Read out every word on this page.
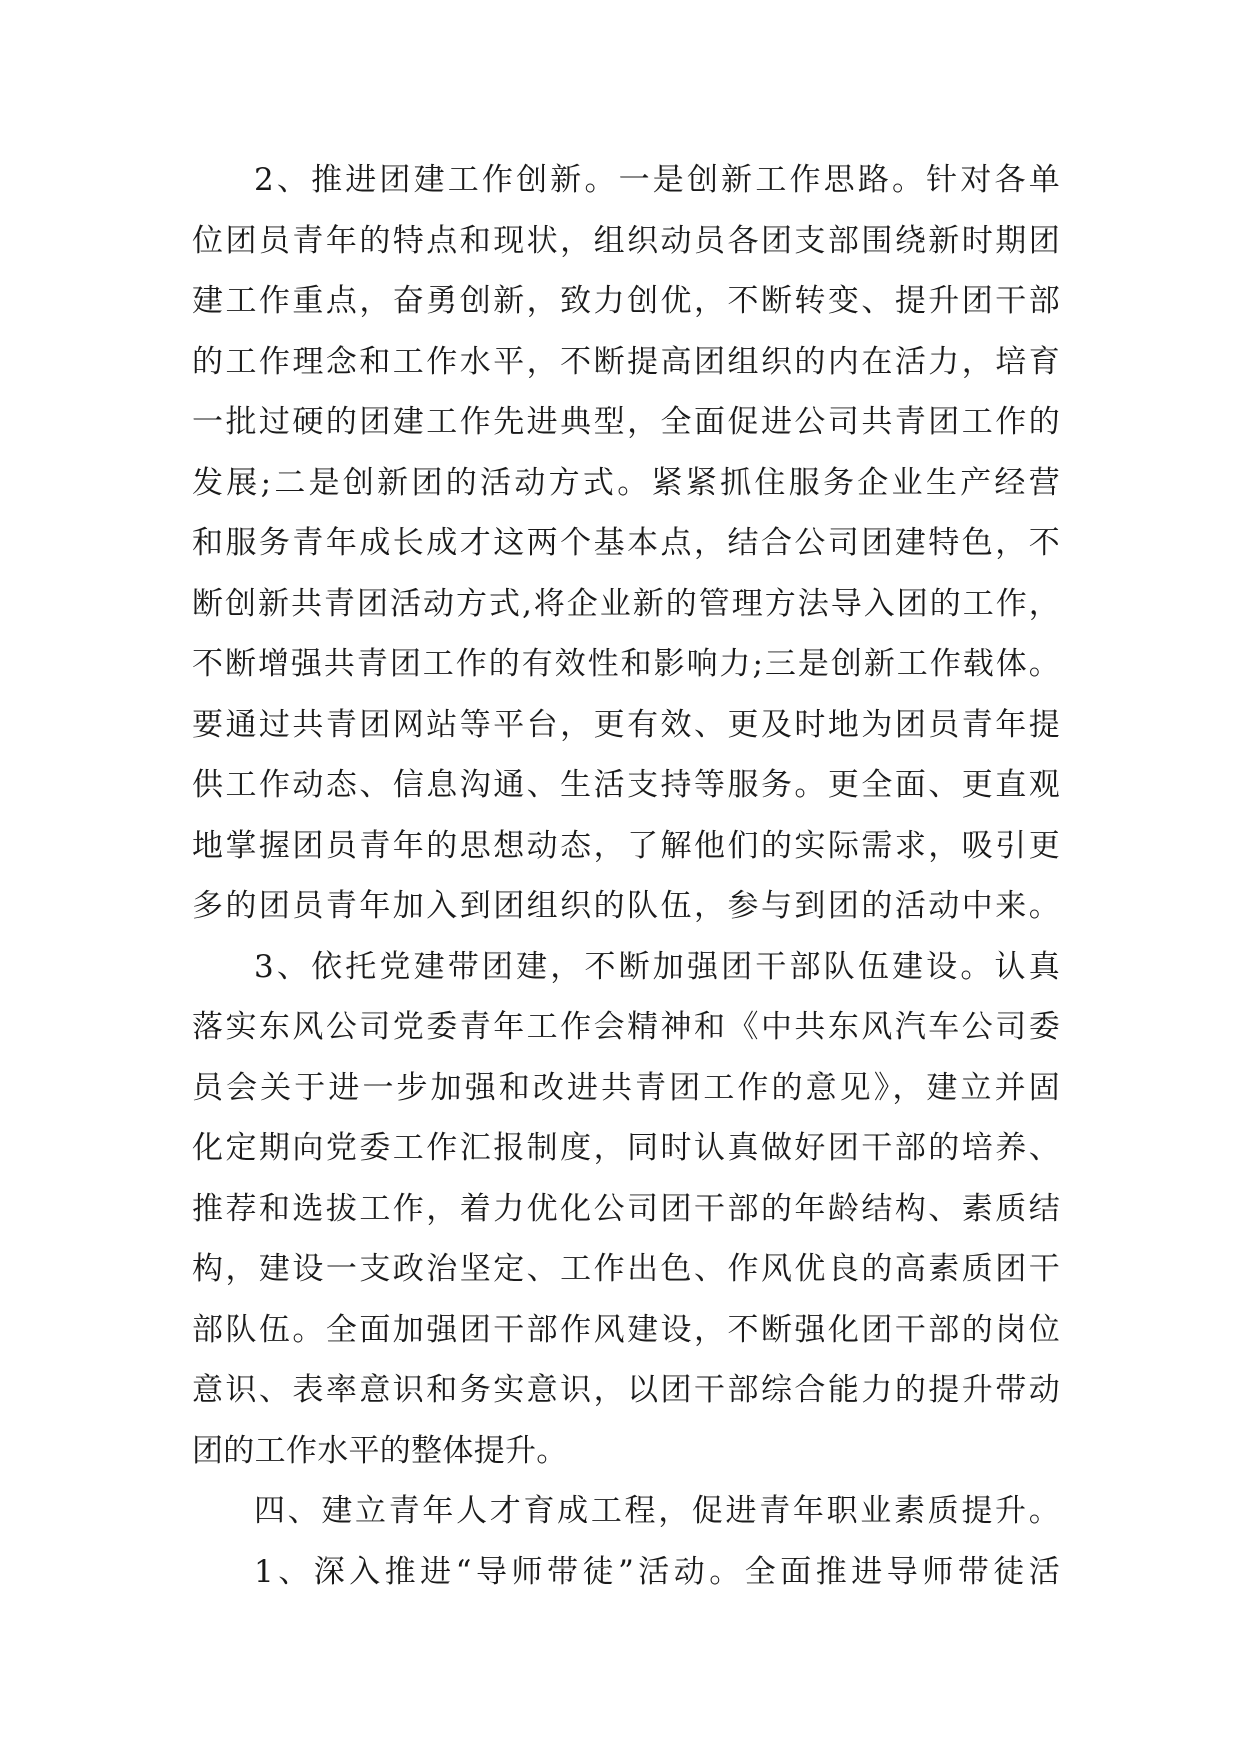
2、推进团建工作创新。一是创新工作思路。针对各单
位团员青年的特点和现状，组织动员各团支部围绕新时期团
建工作重点，奋勇创新，致力创优，不断转变、提升团干部
的工作理念和工作水平，不断提高团组织的内在活力，培育
一批过硬的团建工作先进典型，全面促进公司共青团工作的
发展;二是创新团的活动方式。紧紧抓住服务企业生产经营
和服务青年成长成才这两个基本点，结合公司团建特色，不
断创新共青团活动方式,将企业新的管理方法导入团的工作，
不断增强共青团工作的有效性和影响力;三是创新工作载体。
要通过共青团网站等平台，更有效、更及时地为团员青年提
供工作动态、信息沟通、生活支持等服务。更全面、更直观
地掌握团员青年的思想动态，了解他们的实际需求，吸引更
多的团员青年加入到团组织的队伍，参与到团的活动中来。
3、依托党建带团建，不断加强团干部队伍建设。认真
落实东风公司党委青年工作会精神和《中共东风汽车公司委
员会关于进一步加强和改进共青团工作的意见》，建立并固
化定期向党委工作汇报制度，同时认真做好团干部的培养、
推荐和选拔工作，着力优化公司团干部的年龄结构、素质结
构，建设一支政治坚定、工作出色、作风优良的高素质团干
部队伍。全面加强团干部作风建设，不断强化团干部的岗位
意识、表率意识和务实意识，以团干部综合能力的提升带动
团的工作水平的整体提升。
四、建立青年人才育成工程，促进青年职业素质提升。
1、深入推进“导师带徒”活动。全面推进导师带徒活
